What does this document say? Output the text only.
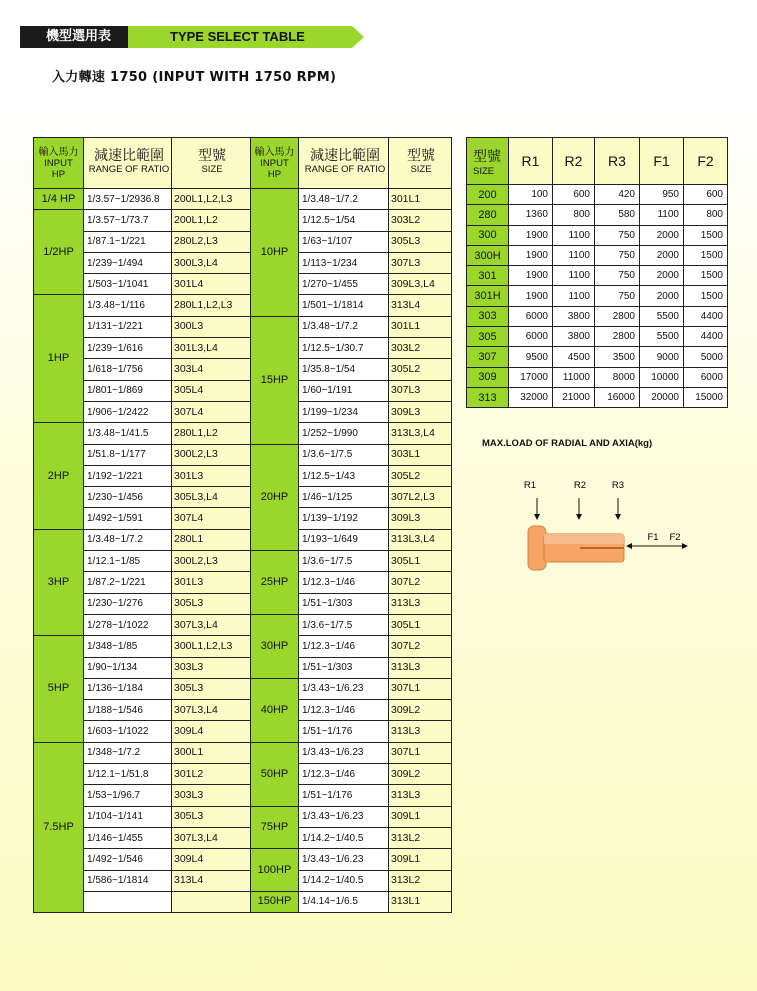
機型選用表	TYPE SELECT TABLE
入力轉速 1750 (INPUT WITH 1750 RPM)
輸入馬力
INPUT
HP	減速比範圍
RANGE OF RATIO	型號
SIZE	輸入馬力
INPUT
HP	減速比範圍
RANGE OF RATIO	型號
SIZE

1/4 HP	1/3.57~1/2936.8	200L1,L2,L3	10HP	1/3.48~1/7.2	301L1
1/2HP	1/3.57~1/73.7	200L1,L2		1/12.5~1/54	303L2
	1/87.1~1/221	280L2,L3		1/63~1/107	305L3
	1/239~1/494	300L3,L4		1/113~1/234	307L3
	1/503~1/1041	301L4		1/270~1/455	309L3,L4
1HP	1/3.48~1/116	280L1,L2,L3		1/501~1/1814	313L4
	1/131~1/221	300L3	15HP	1/3.48~1/7.2	301L1
	1/239~1/616	301L3,L4		1/12.5~1/30.7	303L2
	1/618~1/756	303L4		1/35.8~1/54	305L2
	1/801~1/869	305L4		1/60~1/191	307L3
	1/906~1/2422	307L4		1/199~1/234	309L3
2HP	1/3.48~1/41.5	280L1,L2		1/252~1/990	313L3,L4
	1/51.8~1/177	300L2,L3	20HP	1/3.6~1/7.5	303L1
	1/192~1/221	301L3		1/12.5~1/43	305L2
	1/230~1/456	305L3,L4		1/46~1/125	307L2,L3
	1/492~1/591	307L4		1/139~1/192	309L3
3HP	1/3.48~1/7.2	280L1		1/193~1/649	313L3,L4
	1/12.1~1/85	300L2,L3	25HP	1/3.6~1/7.5	305L1
	1/87.2~1/221	301L3		1/12.3~1/46	307L2
	1/230~1/276	305L3		1/51~1/303	313L3
	1/278~1/1022	307L3,L4	30HP	1/3.6~1/7.5	305L1
5HP	1/348~1/85	300L1,L2,L3		1/12.3~1/46	307L2
	1/90~1/134	303L3		1/51~1/303	313L3
	1/136~1/184	305L3	40HP	1/3.43~1/6.23	307L1
	1/188~1/546	307L3,L4		1/12.3~1/46	309L2
	1/603~1/1022	309L4		1/51~1/176	313L3
7.5HP	1/348~1/7.2	300L1	50HP	1/3.43~1/6.23	307L1
	1/12.1~1/51.8	301L2		1/12.3~1/46	309L2
	1/53~1/96.7	303L3		1/51~1/176	313L3
	1/104~1/141	305L3	75HP	1/3.43~1/6.23	309L1
	1/146~1/455	307L3,L4		1/14.2~1/40.5	313L2
	1/492~1/546	309L4	100HP	1/3.43~1/6.23	309L1
	1/586~1/1814	313L4		1/14.2~1/40.5	313L2
			150HP	1/4.14~1/6.5	313L1
型號
SIZE	R1	R2	R3	F1	F2
200	100	600	420	950	600
280	1360	800	580	1100	800
300	1900	1100	750	2000	1500
300H	1900	1100	750	2000	1500
301	1900	1100	750	2000	1500
301H	1900	1100	750	2000	1500
303	6000	3800	2800	5500	4400
305	6000	3800	2800	5500	4400
307	9500	4500	3500	9000	5000
309	17000	11000	8000	10000	6000
313	32000	21000	16000	20000	15000
MAX.LOAD OF RADIAL AND AXIA(kg)
R1	R2	R3
F1 F2
